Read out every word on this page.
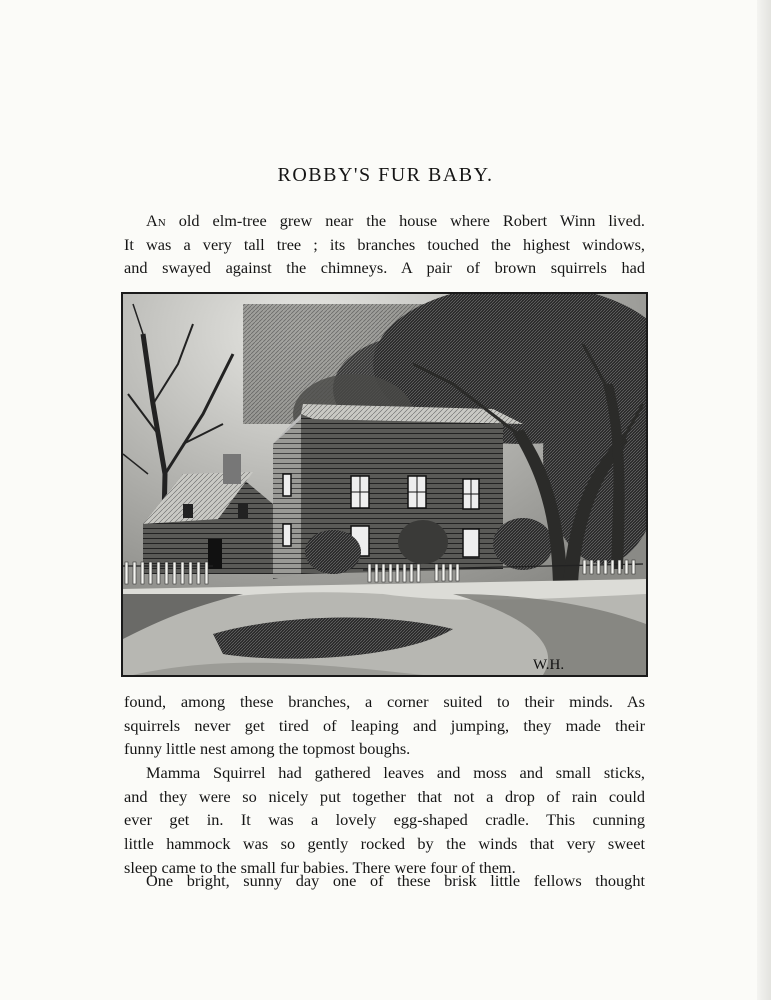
ROBBY'S FUR BABY.

An old elm-tree grew near the house where Robert Winn lived.
It was a very tall tree ; its branches touched the highest windows,
and swayed against the chimneys. A pair of brown squirrels had

W.H.

found, among these branches, a corner suited to their minds. As
squirrels never get tired of leaping and jumping, they made their
funny little nest among the topmost boughs.

Mamma Squirrel had gathered leaves and moss and small sticks,
and they were so nicely put together that not a drop of rain could
ever get in. It was a lovely egg-shaped cradle. This cunning
little hammock was so gently rocked by the winds that very sweet
sleep came to the small fur babies. There were four of them.

One bright, sunny day one of these brisk little fellows thought
